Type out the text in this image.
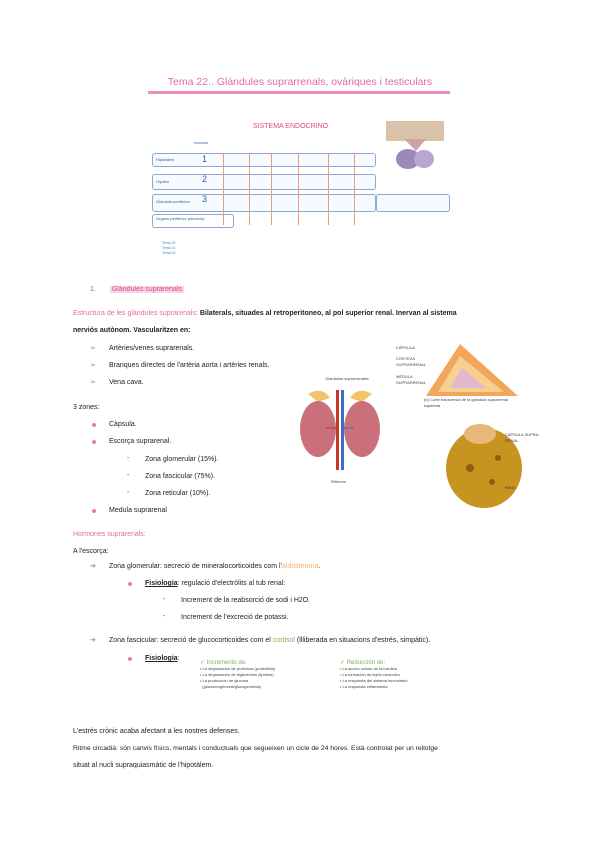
Tema 22.. Glàndules suprarrenals, ovàriques i testiculars
SISTEMA ENDOCRINO
hormona
Hipotàlem	1
Hipòfisi	2
Glàndula perifèrica 3
Organs perifèrics (efectors)
Tema 20
Tema 21
Tema 22
1. Glàndules suprarenals
Estructura de les glàndules suprarenals: Bilaterals, situades al retroperitoneo, al pol superior renal. Inervan al sistema
nerviós autònom. Vascularitzen en:
➢ Artèries/venes suprarenals.
➢ Branques directes de l'artèria aorta i artèries renals.
➢ Vena cava.
3 zones:
Càpsula.
Escorça suprarenal.
- Zona glomerular (15%).
- Zona fascicular (75%).
- Zona reticular (10%).
Medula suprarenal
Glándulas suprarrenales
Riñones
CÁPSULA
CORTEZA SUPRARRENAL
MÉDULA SUPRARRENAL
(b) Corte transversal de la glándula suprarrenal izquierda
CÁPSULA SUPRA-RENAL
Riñón
Hormones suprarenals:
A l'escorça:
➔ Zona glomerular: secreció de mineralocorticoides com l'aldosterona.
Fisiologia: regulació d'electròlits al tub renal:
- Increment de la reabsorció de sodi i H2O.
- Increment de l'excreció de potassi.
➔ Zona fascicular: secreció de glucocorticoides com el cortisol (llliberada en situacions d'estrés, simpàtic).
Fisiologia:
✓ Incremento de:
• La degradación de proteínas (proteólisis)
• La degradación de triglicéridos (lipólisis)
• La producción de glucosa
(gluconeogénesis/glucogenolisis)
✓ Reducción de:
• La acción celular de la insulina
• La formación de tejido conectivo
• La respuesta del sistema inmunitario
• La respuesta inflamatoria
L'estrès crònic acaba afectant a les nostres defenses.
Ritme circadià: són canvis físics, mentals i conductuals que segueixen un cicle de 24 hores. Està controlat per un rellotge
situat al nucli supraquiasmàtic de l'hipotàlem.
